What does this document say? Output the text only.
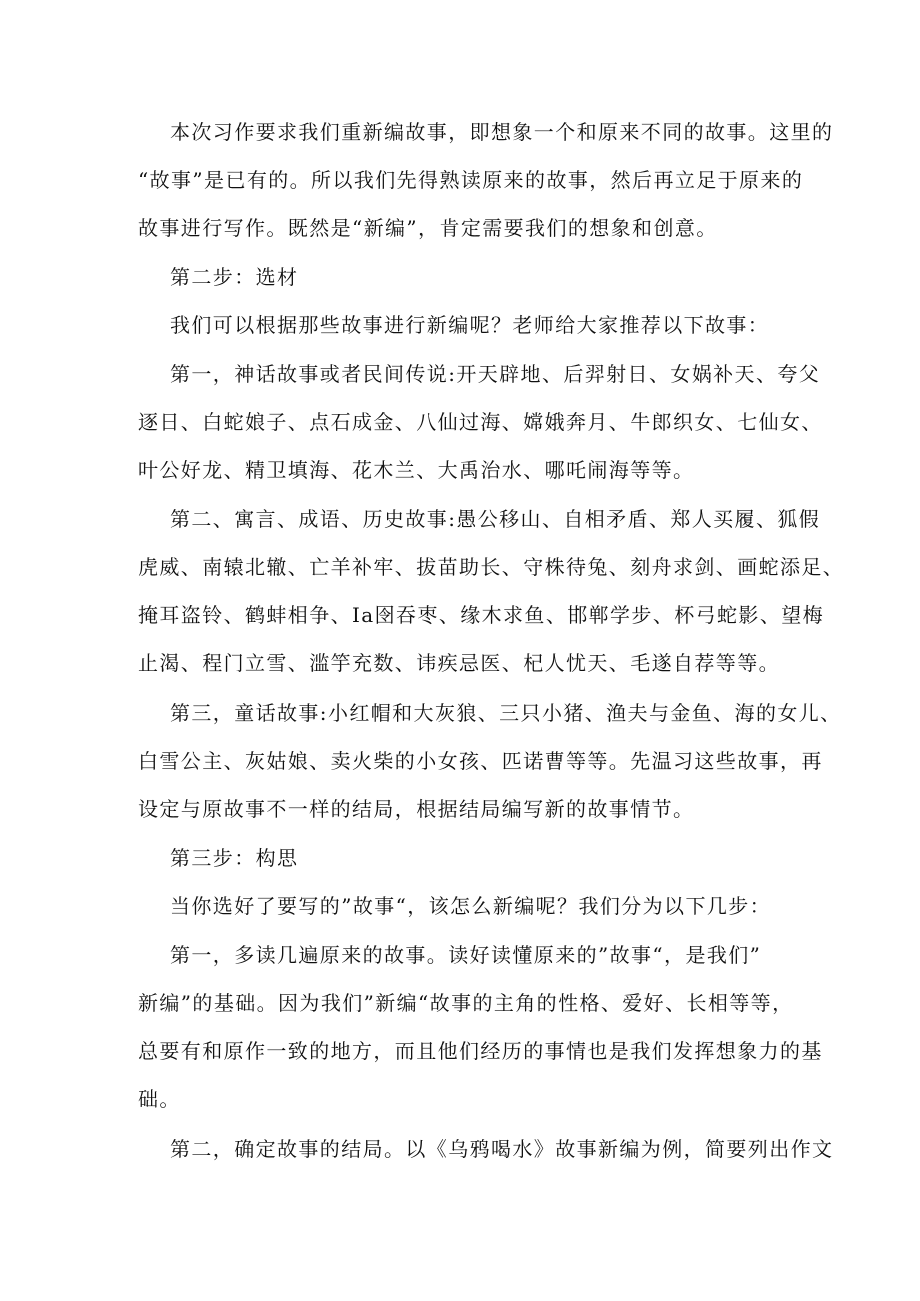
本次习作要求我们重新编故事，即想象一个和原来不同的故事。这里的
“故事”是已有的。所以我们先得熟读原来的故事，然后再立足于原来的
故事进行写作。既然是“新编”，肯定需要我们的想象和创意。
第二步：选材
我们可以根据那些故事进行新编呢？老师给大家推荐以下故事：
第一，神话故事或者民间传说:开天辟地、后羿射日、女娲补天、夸父
逐日、白蛇娘子、点石成金、八仙过海、嫦娥奔月、牛郎织女、七仙女、
叶公好龙、精卫填海、花木兰、大禹治水、哪吒闹海等等。
第二、寓言、成语、历史故事:愚公移山、自相矛盾、郑人买履、狐假
虎威、南辕北辙、亡羊补牢、拔苗助长、守株待兔、刻舟求剑、画蛇添足、
掩耳盗铃、鹤蚌相争、Ia囹吞枣、缘木求鱼、邯郸学步、杯弓蛇影、望梅
止渴、程门立雪、滥竽充数、讳疾忌医、杞人忧天、毛遂自荐等等。
第三，童话故事:小红帽和大灰狼、三只小猪、渔夫与金鱼、海的女儿、
白雪公主、灰姑娘、卖火柴的小女孩、匹诺曹等等。先温习这些故事，再
设定与原故事不一样的结局，根据结局编写新的故事情节。
第三步：构思
当你选好了要写的”故事“，该怎么新编呢？我们分为以下几步：
第一，多读几遍原来的故事。读好读懂原来的”故事“，是我们”
新编”的基础。因为我们”新编“故事的主角的性格、爱好、长相等等，
总要有和原作一致的地方，而且他们经历的事情也是我们发挥想象力的基
础。
第二，确定故事的结局。以《乌鸦喝水》故事新编为例，简要列出作文
